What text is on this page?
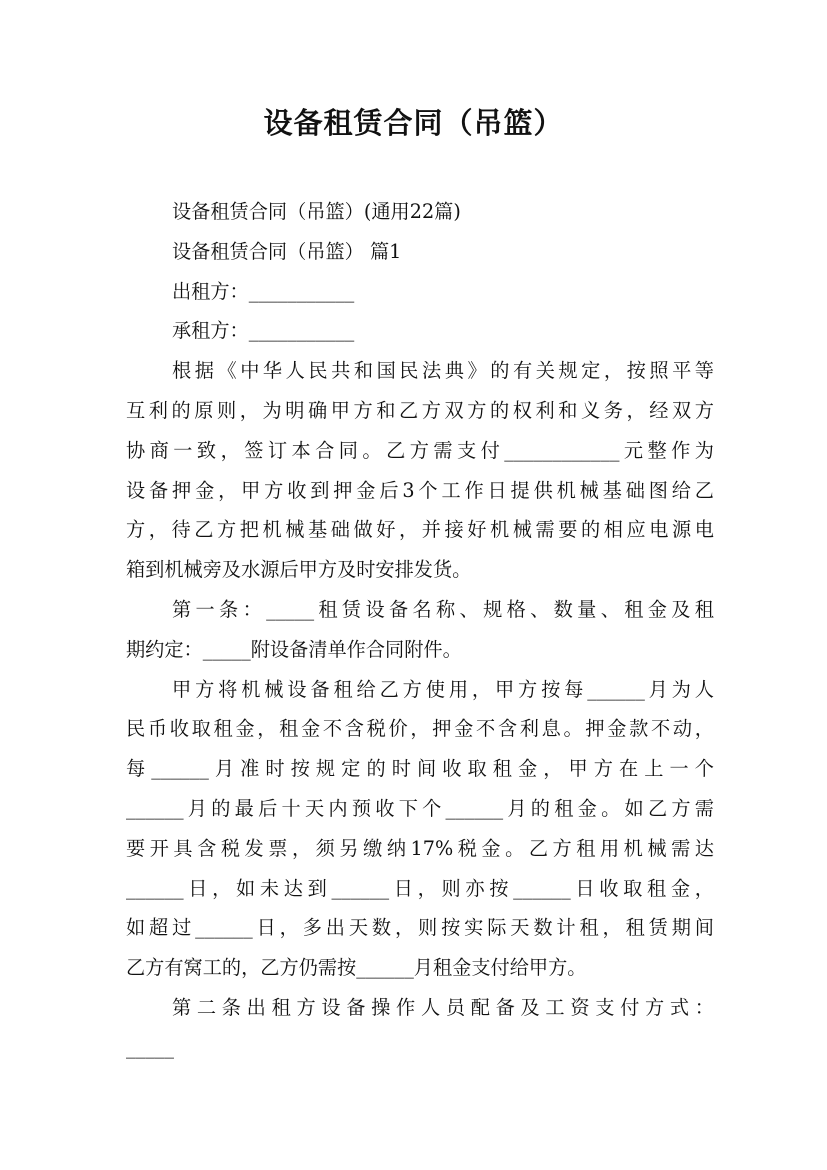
设备租赁合同（吊篮）
设备租赁合同（吊篮）(通用22篇)
设备租赁合同（吊篮） 篇1
出租方：___________
承租方：___________
根据《中华人民共和国民法典》的有关规定，按照平等
互利的原则，为明确甲方和乙方双方的权利和义务，经双方
协商一致，签订本合同。乙方需支付____________元整作为
设备押金，甲方收到押金后3个工作日提供机械基础图给乙
方，待乙方把机械基础做好，并接好机械需要的相应电源电
箱到机械旁及水源后甲方及时安排发货。
第一条：_____租赁设备名称、规格、数量、租金及租
期约定：_____附设备清单作合同附件。
甲方将机械设备租给乙方使用，甲方按每______月为人
民币收取租金，租金不含税价，押金不含利息。押金款不动，
每______月准时按规定的时间收取租金，甲方在上一个
______月的最后十天内预收下个______月的租金。如乙方需
要开具含税发票，须另缴纳17%税金。乙方租用机械需达
______日，如未达到______日，则亦按______日收取租金，
如超过______日，多出天数，则按实际天数计租，租赁期间
乙方有窝工的，乙方仍需按______月租金支付给甲方。
第二条出租方设备操作人员配备及工资支付方式：
_____
